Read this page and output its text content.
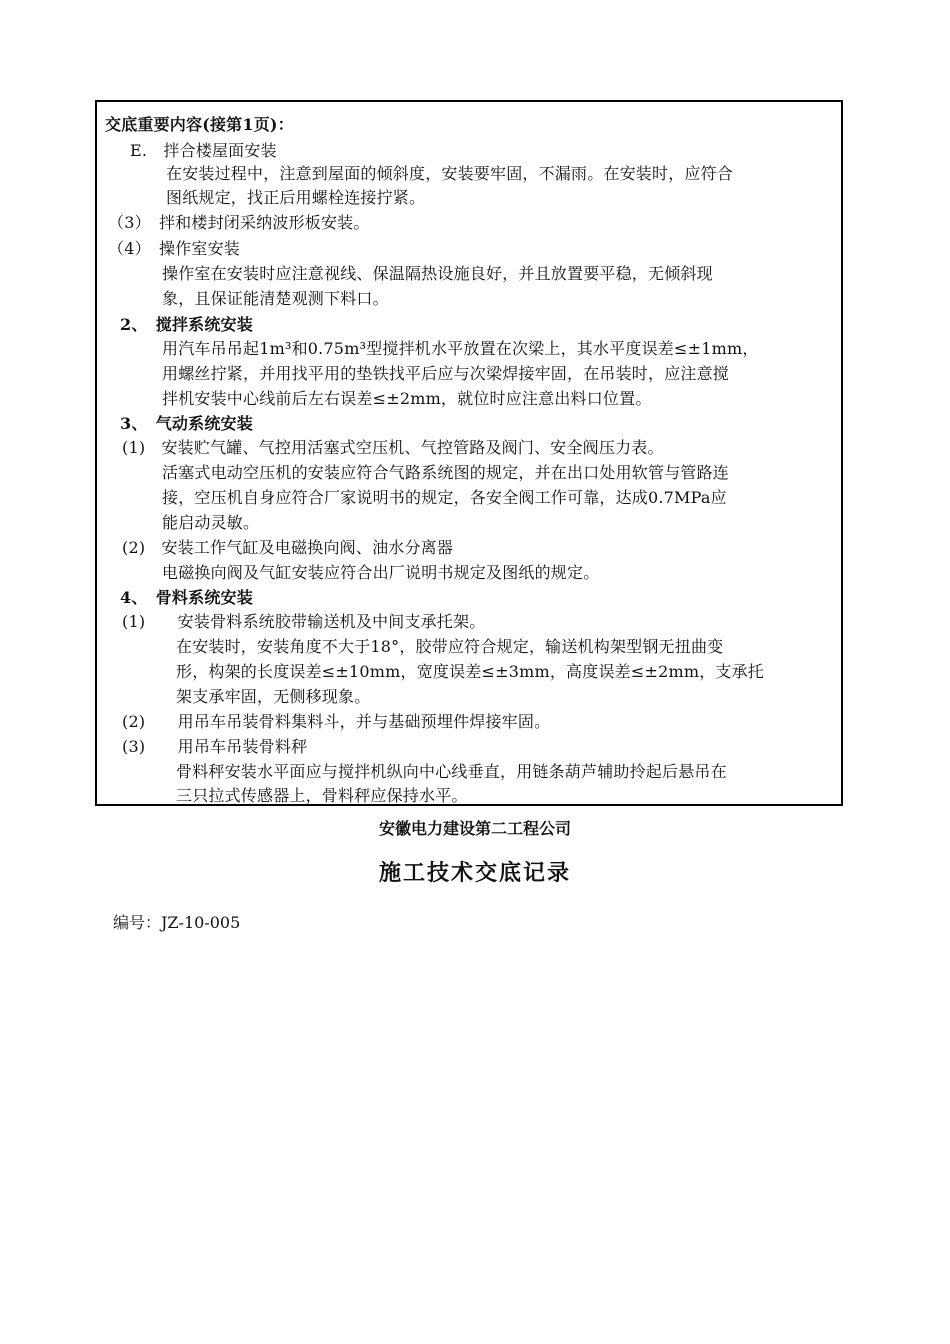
交底重要内容(接第1页)：
E.　拌合楼屋面安装
在安装过程中，注意到屋面的倾斜度，安装要牢固，不漏雨。在安装时，应符合
图纸规定，找正后用螺栓连接拧紧。
（3）　拌和楼封闭采纳波形板安装。
（4）　操作室安装
操作室在安装时应注意视线、保温隔热设施良好，并且放置要平稳，无倾斜现
象，且保证能清楚观测下料口。
2、　搅拌系统安装
用汽车吊吊起1m³和0.75m³型搅拌机水平放置在次梁上，其水平度误差≤±1mm，
用螺丝拧紧，并用找平用的垫铁找平后应与次梁焊接牢固，在吊装时，应注意搅
拌机安装中心线前后左右误差≤±2mm，就位时应注意出料口位置。
3、　气动系统安装
(1)　安装贮气罐、气控用活塞式空压机、气控管路及阀门、安全阀压力表。
活塞式电动空压机的安装应符合气路系统图的规定，并在出口处用软管与管路连
接，空压机自身应符合厂家说明书的规定，各安全阀工作可靠，达成0.7MPa应
能启动灵敏。
(2)　安装工作气缸及电磁换向阀、油水分离器
电磁换向阀及气缸安装应符合出厂说明书规定及图纸的规定。
4、　骨料系统安装
(1)　　安装骨料系统胶带输送机及中间支承托架。
在安装时，安装角度不大于18°，胶带应符合规定，输送机构架型钢无扭曲变
形，构架的长度误差≤±10mm，宽度误差≤±3mm，高度误差≤±2mm，支承托
架支承牢固，无侧移现象。
(2)　　用吊车吊装骨料集料斗，并与基础预埋件焊接牢固。
(3)　　用吊车吊装骨料秤
骨料秤安装水平面应与搅拌机纵向中心线垂直，用链条葫芦辅助拎起后悬吊在
三只拉式传感器上，骨料秤应保持水平。
安徽电力建设第二工程公司
施工技术交底记录
编号：JZ-10-005
